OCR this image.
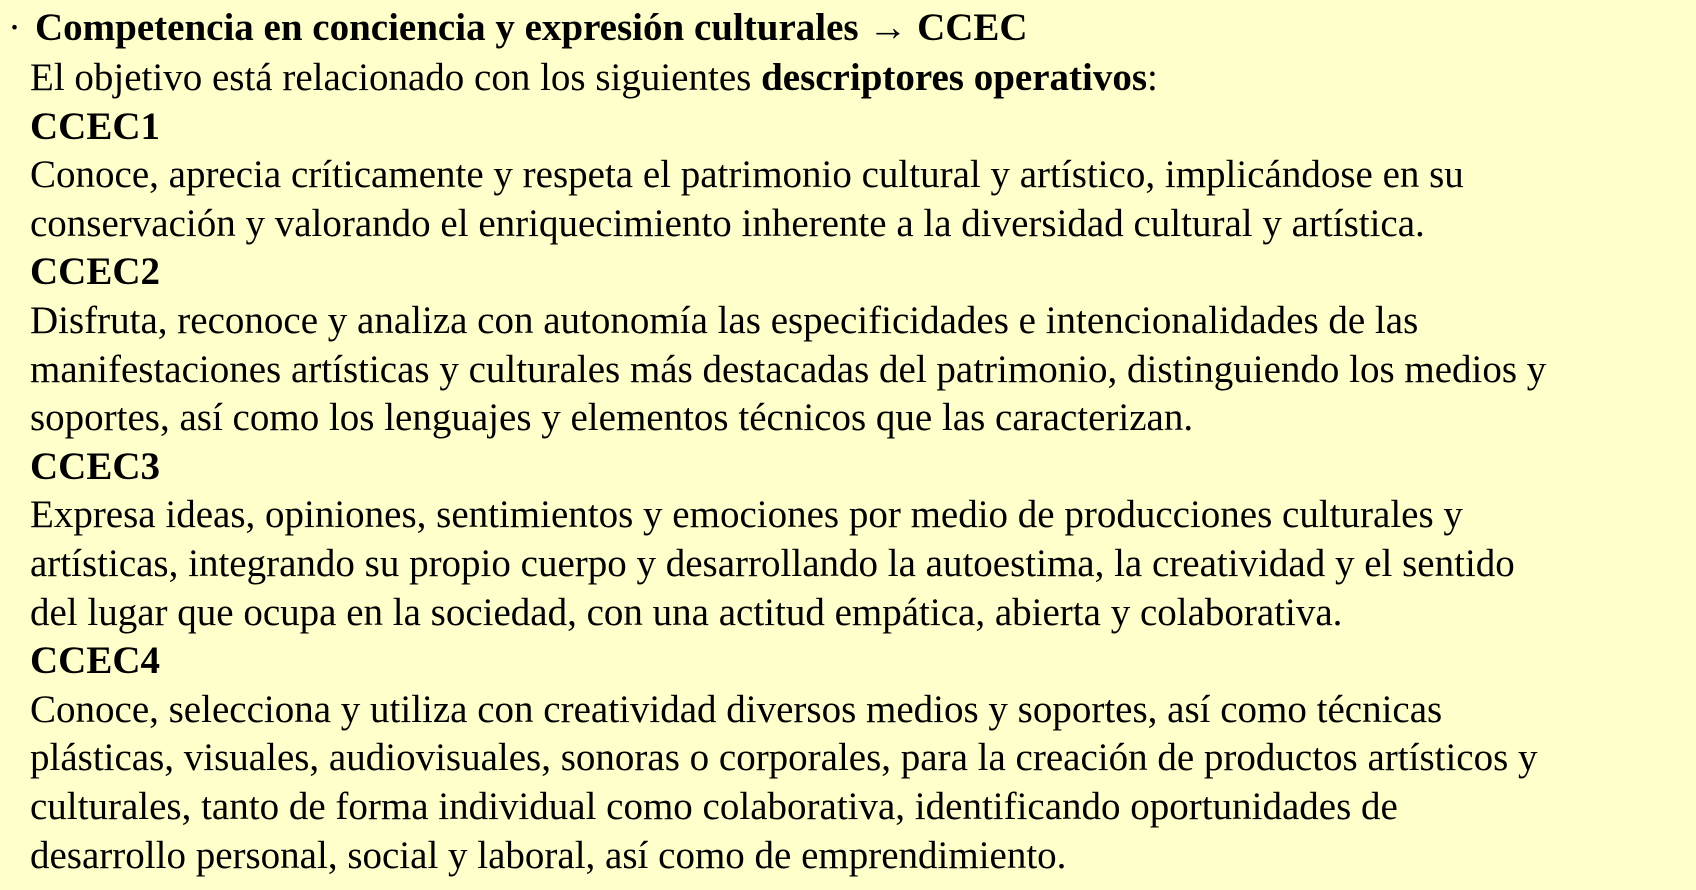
· Competencia en conciencia y expresión culturales → CCEC
El objetivo está relacionado con los siguientes descriptores operativos:
CCEC1
Conoce, aprecia críticamente y respeta el patrimonio cultural y artístico, implicándose en su
conservación y valorando el enriquecimiento inherente a la diversidad cultural y artística.
CCEC2
Disfruta, reconoce y analiza con autonomía las especificidades e intencionalidades de las
manifestaciones artísticas y culturales más destacadas del patrimonio, distinguiendo los medios y
soportes, así como los lenguajes y elementos técnicos que las caracterizan.
CCEC3
Expresa ideas, opiniones, sentimientos y emociones por medio de producciones culturales y
artísticas, integrando su propio cuerpo y desarrollando la autoestima, la creatividad y el sentido
del lugar que ocupa en la sociedad, con una actitud empática, abierta y colaborativa.
CCEC4
Conoce, selecciona y utiliza con creatividad diversos medios y soportes, así como técnicas
plásticas, visuales, audiovisuales, sonoras o corporales, para la creación de productos artísticos y
culturales, tanto de forma individual como colaborativa, identificando oportunidades de
desarrollo personal, social y laboral, así como de emprendimiento.
